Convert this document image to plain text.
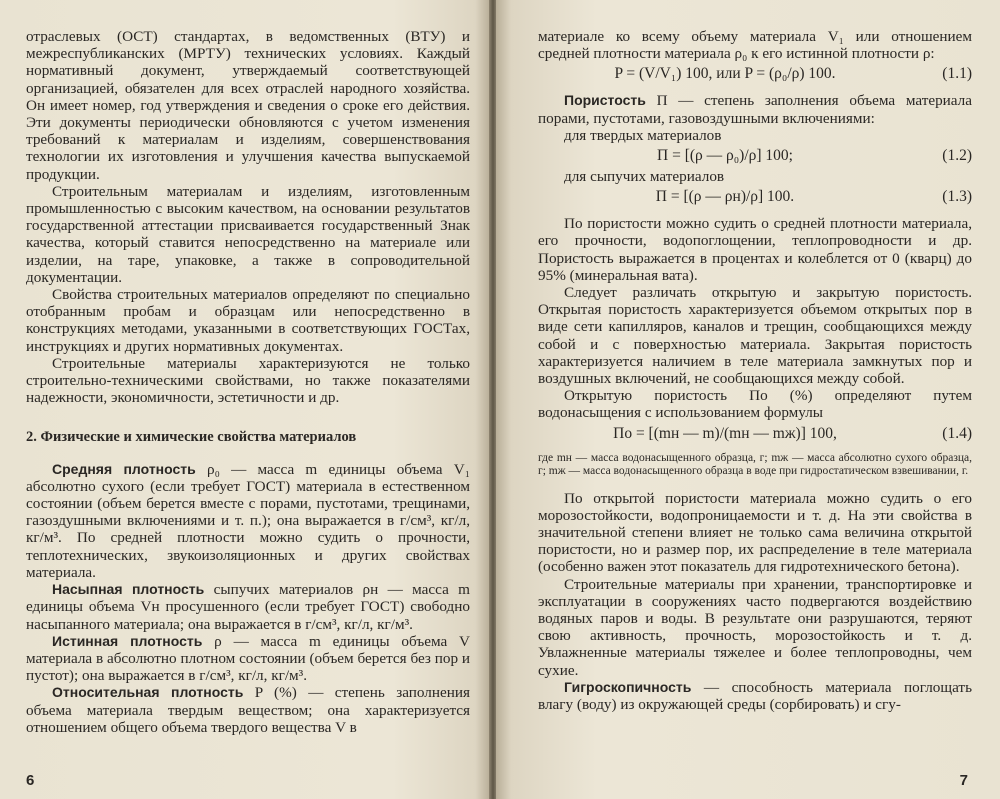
отраслевых (ОСТ) стандартах, в ведомственных (ВТУ) и межреспубликанских (МРТУ) технических условиях. Каждый нормативный документ, утверждаемый соответствующей организацией, обязателен для всех отраслей народного хозяйства. Он имеет номер, год утверждения и сведения о сроке его действия. Эти документы периодически обновляются с учетом изменения требований к материалам и изделиям, совершенствования технологии их изготовления и улучшения качества выпускаемой продукции.

Строительным материалам и изделиям, изготовленным промышленностью с высоким качеством, на основании результатов государственной аттестации присваивается государственный Знак качества, который ставится непосредственно на материале или изделии, на таре, упаковке, а также в сопроводительной документации.

Свойства строительных материалов определяют по специально отобранным пробам и образцам или непосредственно в конструкциях методами, указанными в соответствующих ГОСТах, инструкциях и других нормативных документах.

Строительные материалы характеризуются не только строительно-техническими свойствами, но также показателями надежности, экономичности, эстетичности и др.

2. Физические и химические свойства материалов

Средняя плотность ρ₀ — масса m единицы объема V₁ абсолютно сухого (если требует ГОСТ) материала в естественном состоянии (объем берется вместе с порами, пустотами, трещинами, газоздушными включениями и т. п.); она выражается в г/см³, кг/л, кг/м³. По средней плотности можно судить о прочности, теплотехнических, звукоизоляционных и других свойствах материала.

Насыпная плотность сыпучих материалов ρн — масса m единицы объема Vн просушенного (если требует ГОСТ) свободно насыпанного материала; она выражается в г/см³, кг/л, кг/м³.

Истинная плотность ρ — масса m единицы объема V материала в абсолютно плотном состоянии (объем берется без пор и пустот); она выражается в г/см³, кг/л, кг/м³.

Относительная плотность P (%) — степень заполнения объема материала твердым веществом; она характеризуется отношением общего объема твердого вещества V в

6

материале ко всему объему материала V₁ или отношением средней плотности материала ρ₀ к его истинной плотности ρ:

P = (V/V₁) 100, или P = (ρ₀/ρ) 100.	(1.1)

Пористость П — степень заполнения объема материала порами, пустотами, газовоздушными включениями:

для твердых материалов

П = [(ρ — ρ₀)/ρ] 100;	(1.2)

для сыпучих материалов

П = [(ρ — ρн)/ρ] 100.	(1.3)

По пористости можно судить о средней плотности материала, его прочности, водопоглощении, теплопроводности и др. Пористость выражается в процентах и колеблется от 0 (кварц) до 95% (минеральная вата).

Следует различать открытую и закрытую пористость. Открытая пористость характеризуется объемом открытых пор в виде сети капилляров, каналов и трещин, сообщающихся между собой и с поверхностью материала. Закрытая пористость характеризуется наличием в теле материала замкнутых пор и воздушных включений, не сообщающихся между собой.

Открытую пористость По (%) определяют путем водонасыщения с использованием формулы

По = [(mн — m)/(mн — mж)] 100,	(1.4)

где mн — масса водонасыщенного образца, г; mж — масса абсолютно сухого образца, г; mж — масса водонасыщенного образца в воде при гидростатическом взвешивании, г.

По открытой пористости материала можно судить о его морозостойкости, водопроницаемости и т. д. На эти свойства в значительной степени влияет не только сама величина открытой пористости, но и размер пор, их распределение в теле материала (особенно важен этот показатель для гидротехнического бетона).

Строительные материалы при хранении, транспортировке и эксплуатации в сооружениях часто подвергаются воздействию водяных паров и воды. В результате они разрушаются, теряют свою активность, прочность, морозостойкость и т. д. Увлажненные материалы тяжелее и более теплопроводны, чем сухие.

Гигроскопичность — способность материала поглощать влагу (воду) из окружающей среды (сорбировать) и сгу-

7
